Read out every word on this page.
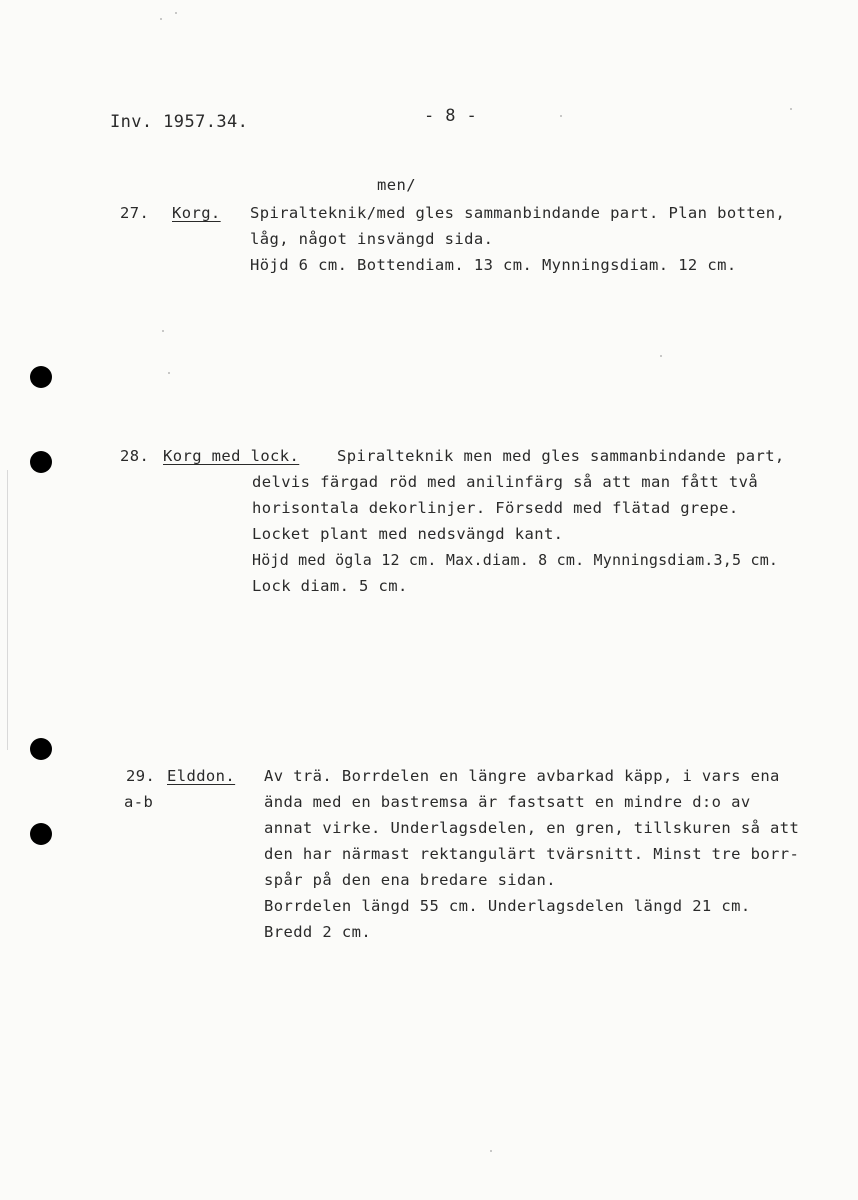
Inv. 1957.34.	- 8 -
men/
27. Korg. Spiralteknik/med gles sammanbindande part. Plan botten,
låg, något insvängd sida.
Höjd 6 cm. Bottendiam. 13 cm. Mynningsdiam. 12 cm.
28. Korg med lock. Spiralteknik men med gles sammanbindande part,
delvis färgad röd med anilinfärg så att man fått två
horisontala dekorlinjer. Försedd med flätad grepe.
Locket plant med nedsvängd kant.
Höjd med ögla 12 cm. Max.diam. 8 cm. Mynningsdiam.3,5 cm.
Lock diam. 5 cm.
29. Elddon.
a-b
Av trä. Borrdelen en längre avbarkad käpp, i vars ena
ända med en bastremsa är fastsatt en mindre d:o av
annat virke. Underlagsdelen, en gren, tillskuren så att
den har närmast rektangulärt tvärsnitt. Minst tre borr-
spår på den ena bredare sidan.
Borrdelen längd 55 cm. Underlagsdelen längd 21 cm.
Bredd 2 cm.
